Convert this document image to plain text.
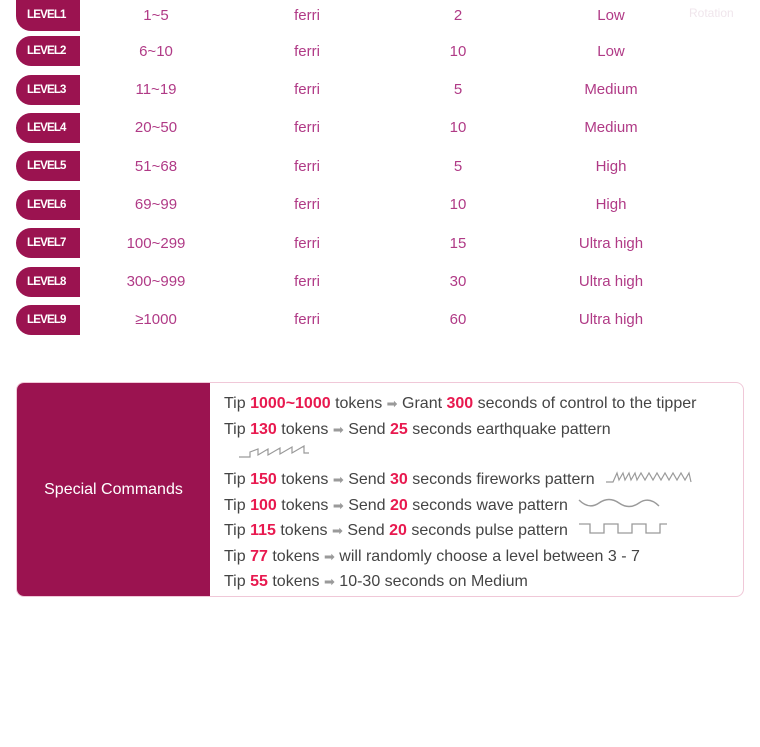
Rotation
LEVEL1	1~5	ferri	2	Low
LEVEL2	6~10	ferri	10	Low
LEVEL3	11~19	ferri	5	Medium
LEVEL4	20~50	ferri	10	Medium
LEVEL5	51~68	ferri	5	High
LEVEL6	69~99	ferri	10	High
LEVEL7	100~299	ferri	15	Ultra high
LEVEL8	300~999	ferri	30	Ultra high
LEVEL9	≥1000	ferri	60	Ultra high
Special Commands
Tip 1000~1000 tokens ➡ Grant 300 seconds of control to the tipper
Tip 130 tokens ➡ Send 25 seconds earthquake pattern
Tip 150 tokens ➡ Send 30 seconds fireworks pattern
Tip 100 tokens ➡ Send 20 seconds wave pattern
Tip 115 tokens ➡ Send 20 seconds pulse pattern
Tip 77 tokens ➡ will randomly choose a level between 3 - 7
Tip 55 tokens ➡ 10-30 seconds on Medium
